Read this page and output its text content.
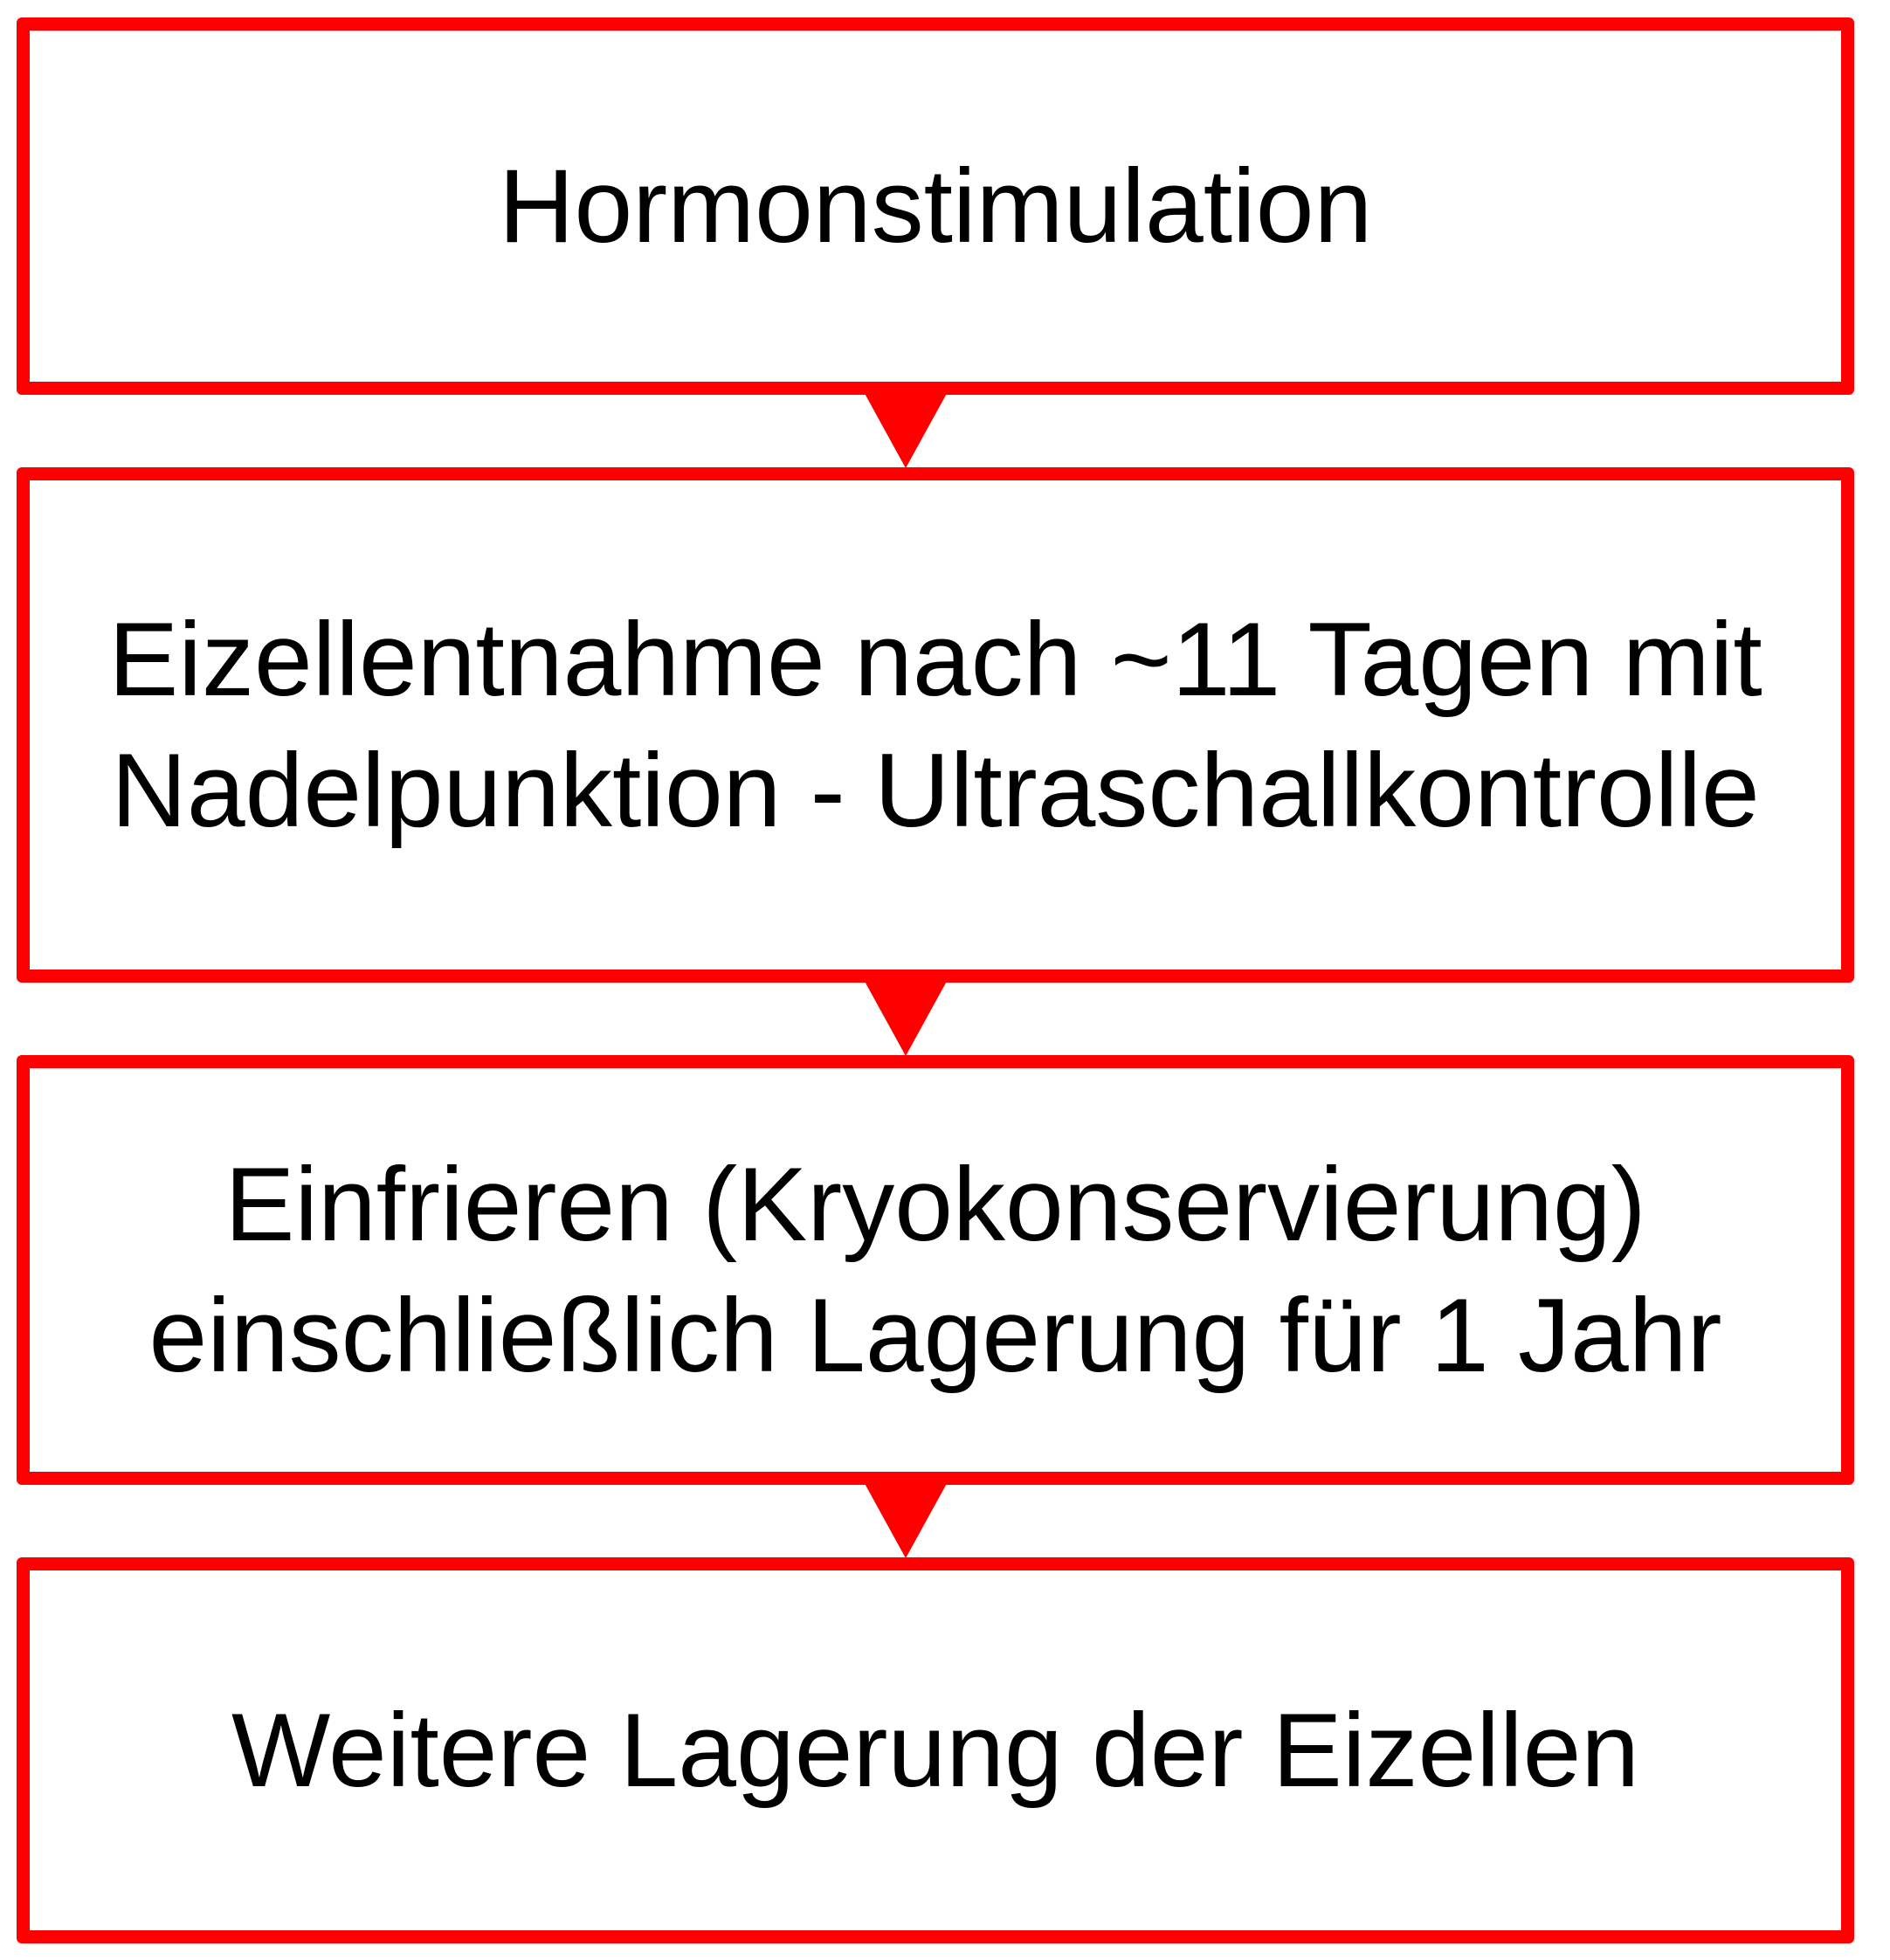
Hormonstimulation
Eizellentnahme nach ~11 Tagen mit
Nadelpunktion - Ultraschallkontrolle
Einfrieren (Kryokonservierung)
einschließlich Lagerung für 1 Jahr
Weitere Lagerung der Eizellen
